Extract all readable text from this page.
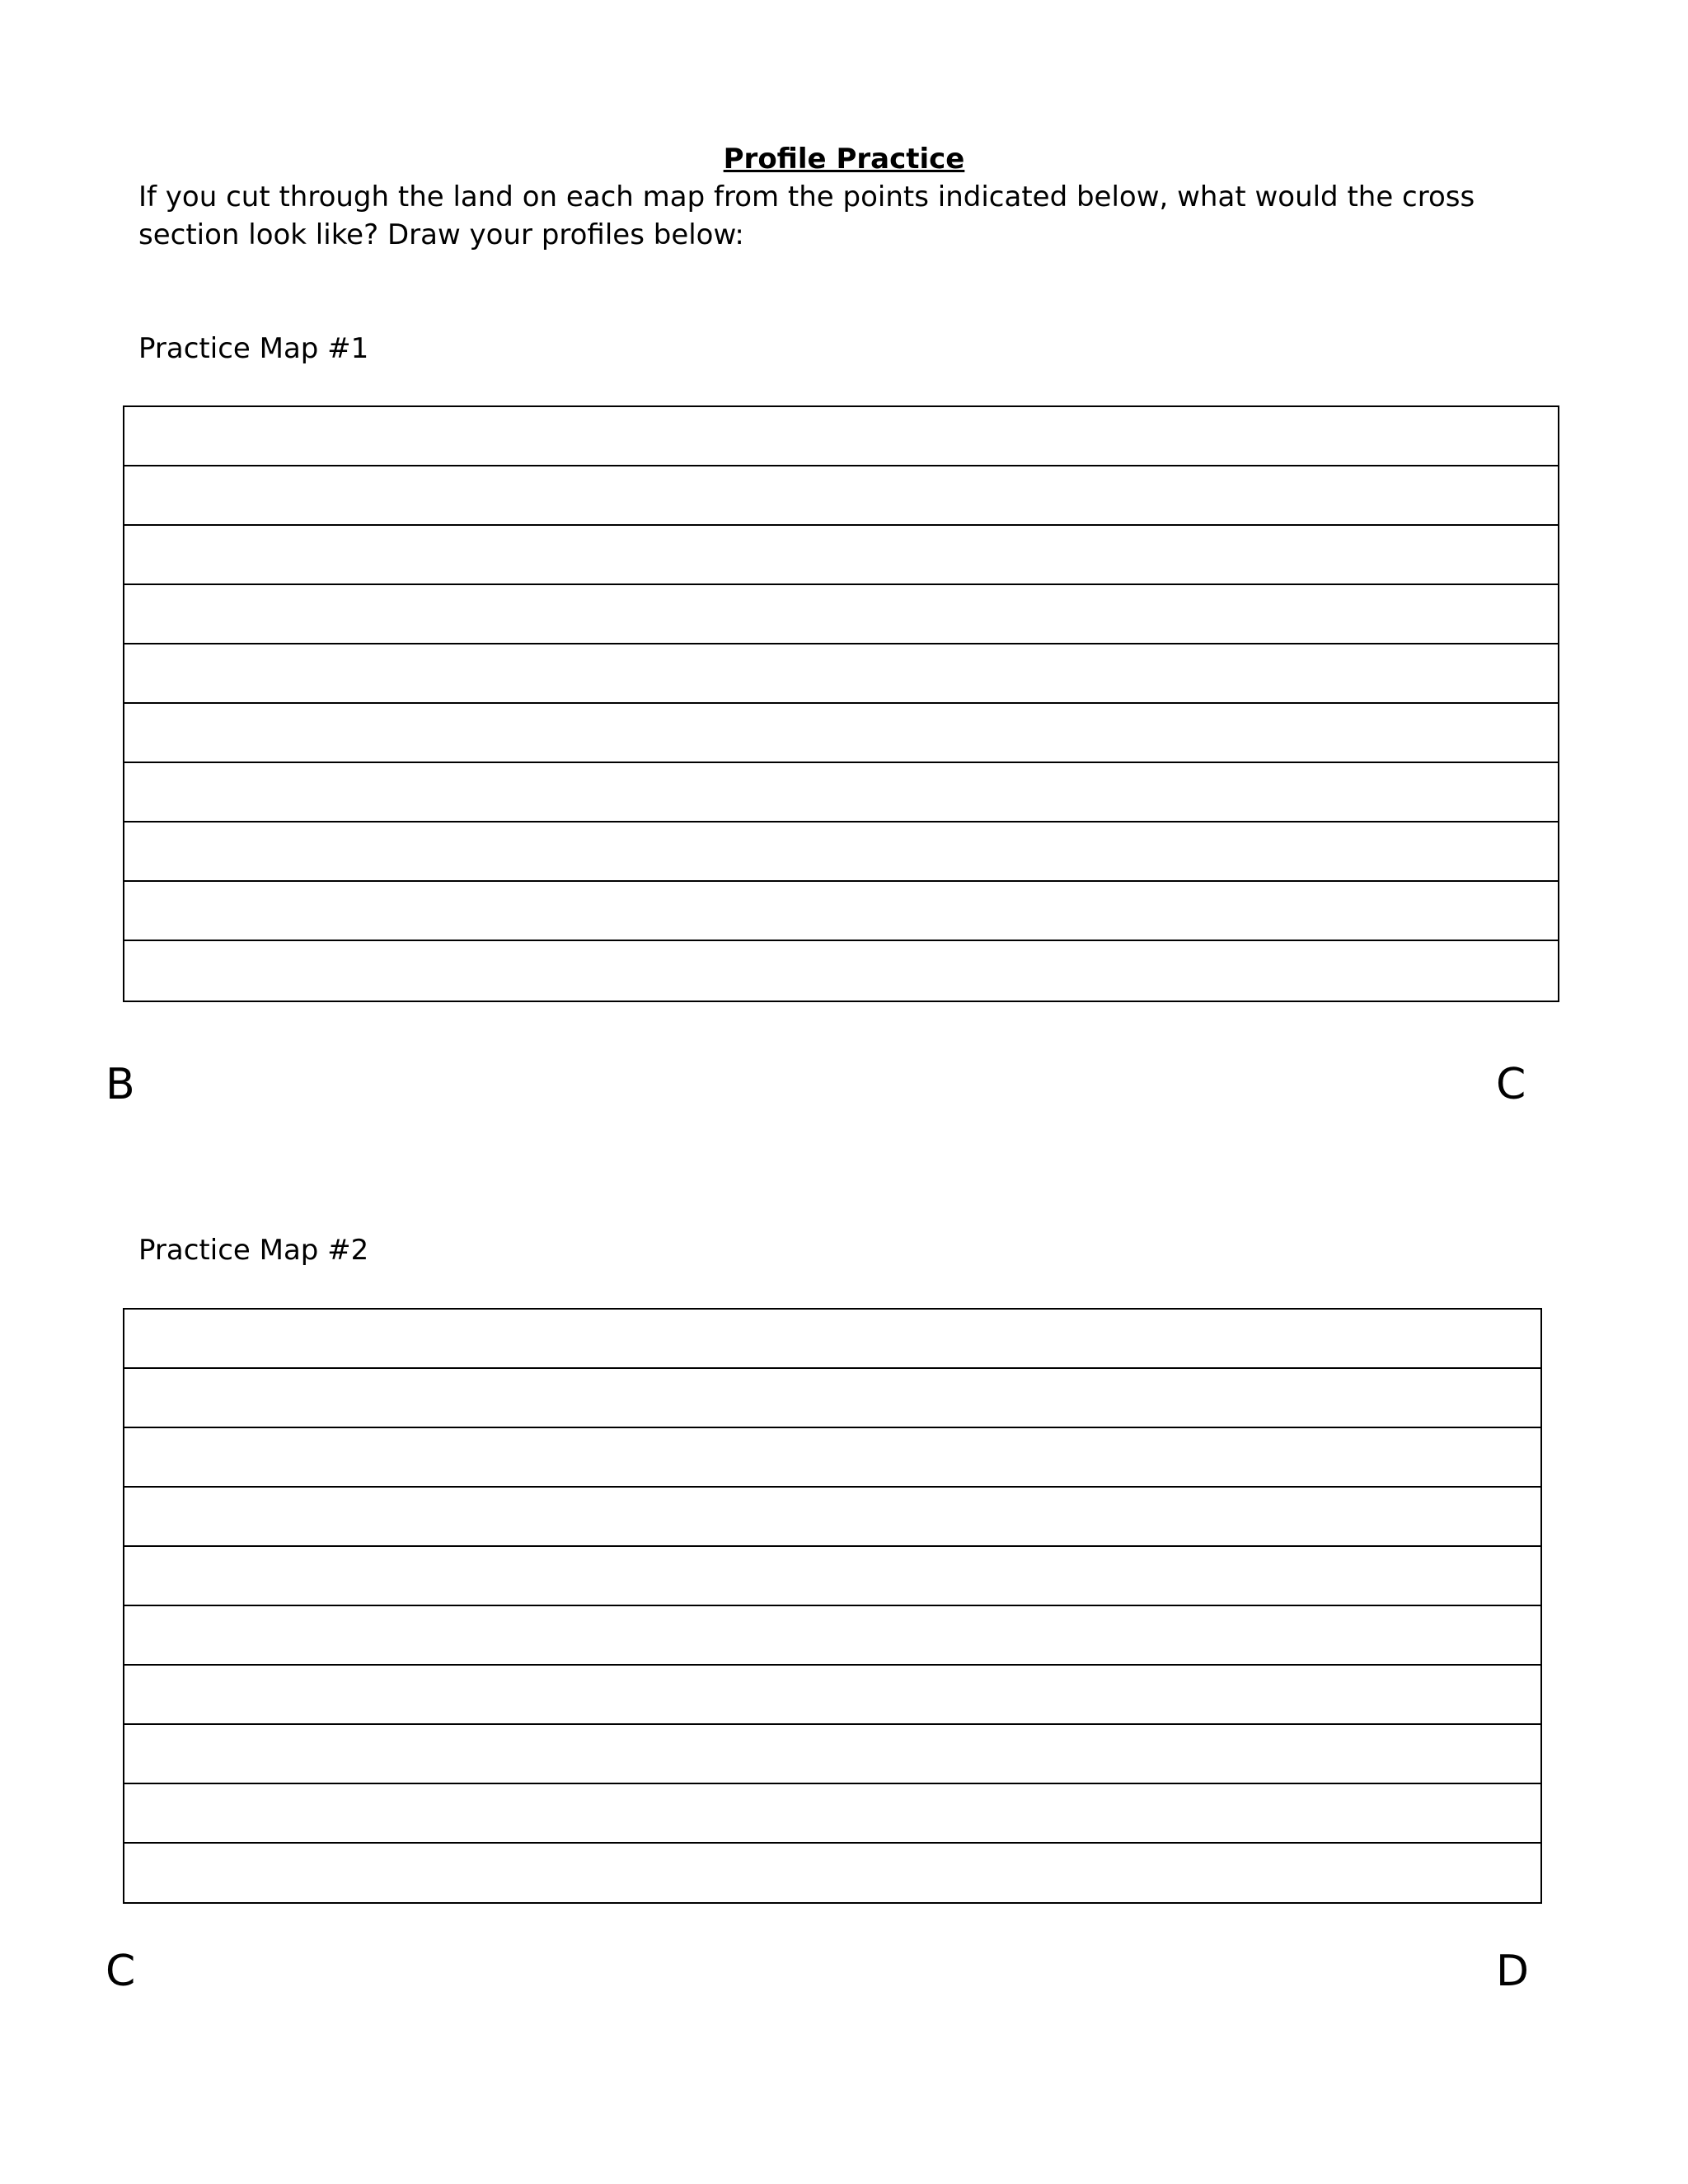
Profile Practice
If you cut through the land on each map from the points indicated below, what would the cross section look like? Draw your profiles below:
Practice Map #1
B	C
Practice Map #2
C	D
